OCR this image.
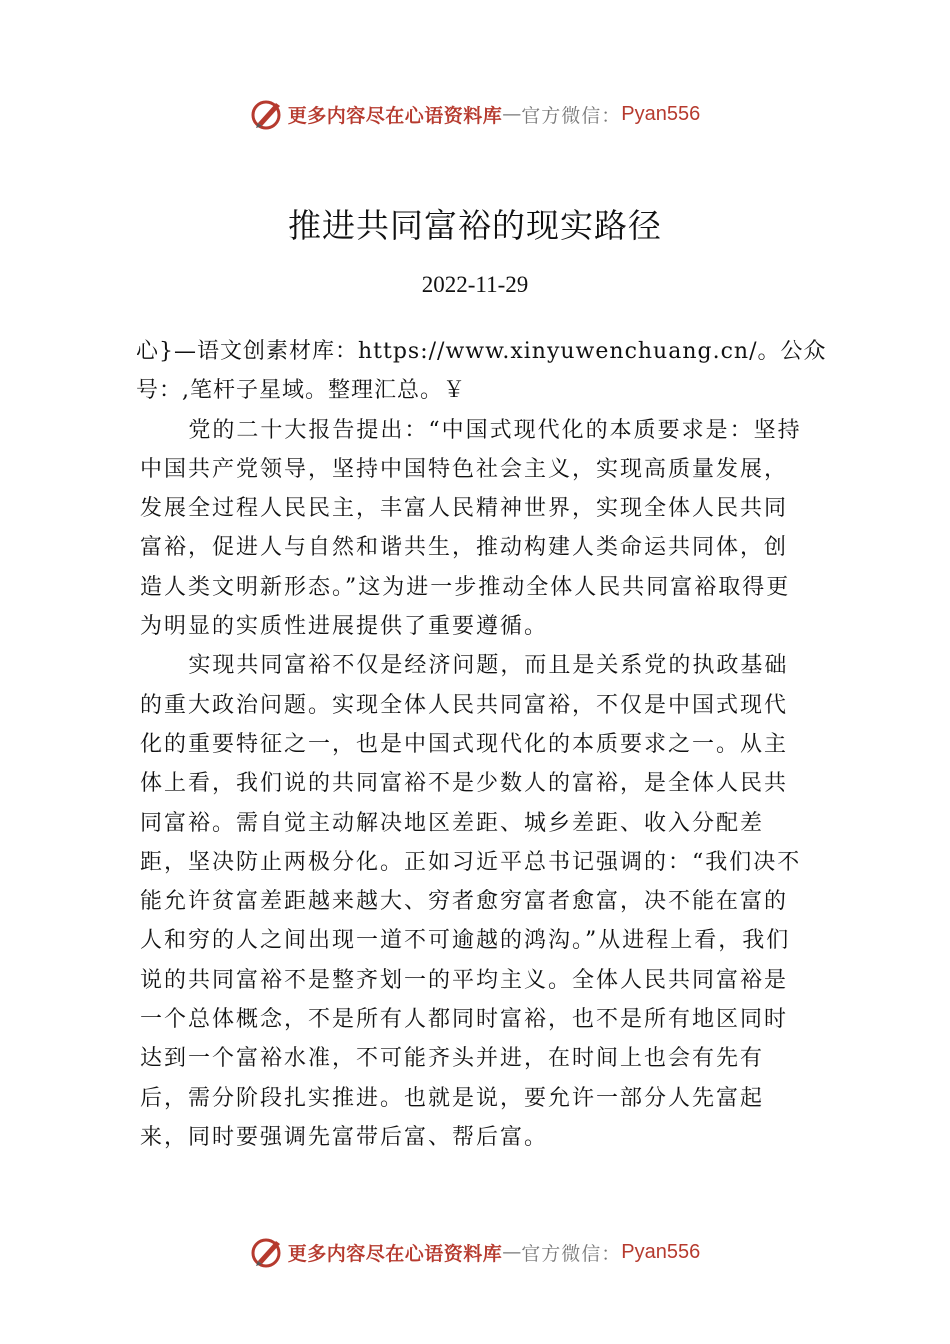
更多内容尽在心语资料库 — 官方微信： Pyan556
推进共同富裕的现实路径
2022-11-29

心}—语文创素材库：https://www.xinyuwenchuang.cn/。公众号：,笔杆子星域。整理汇总。￥

党的二十大报告提出：“中国式现代化的本质要求是：坚持中国共产党领导，坚持中国特色社会主义，实现高质量发展，发展全过程人民民主，丰富人民精神世界，实现全体人民共同富裕，促进人与自然和谐共生，推动构建人类命运共同体，创造人类文明新形态。”这为进一步推动全体人民共同富裕取得更为明显的实质性进展提供了重要遵循。

实现共同富裕不仅是经济问题，而且是关系党的执政基础的重大政治问题。实现全体人民共同富裕，不仅是中国式现代化的重要特征之一，也是中国式现代化的本质要求之一。从主体上看，我们说的共同富裕不是少数人的富裕，是全体人民共同富裕。需自觉主动解决地区差距、城乡差距、收入分配差距，坚决防止两极分化。正如习近平总书记强调的：“我们决不能允许贫富差距越来越大、穷者愈穷富者愈富，决不能在富的人和穷的人之间出现一道不可逾越的鸿沟。”从进程上看，我们说的共同富裕不是整齐划一的平均主义。全体人民共同富裕是一个总体概念，不是所有人都同时富裕，也不是所有地区同时达到一个富裕水准，不可能齐头并进，在时间上也会有先有后，需分阶段扎实推进。也就是说，要允许一部分人先富起来，同时要强调先富带后富、帮后富。

更多内容尽在心语资料库 — 官方微信： Pyan556
